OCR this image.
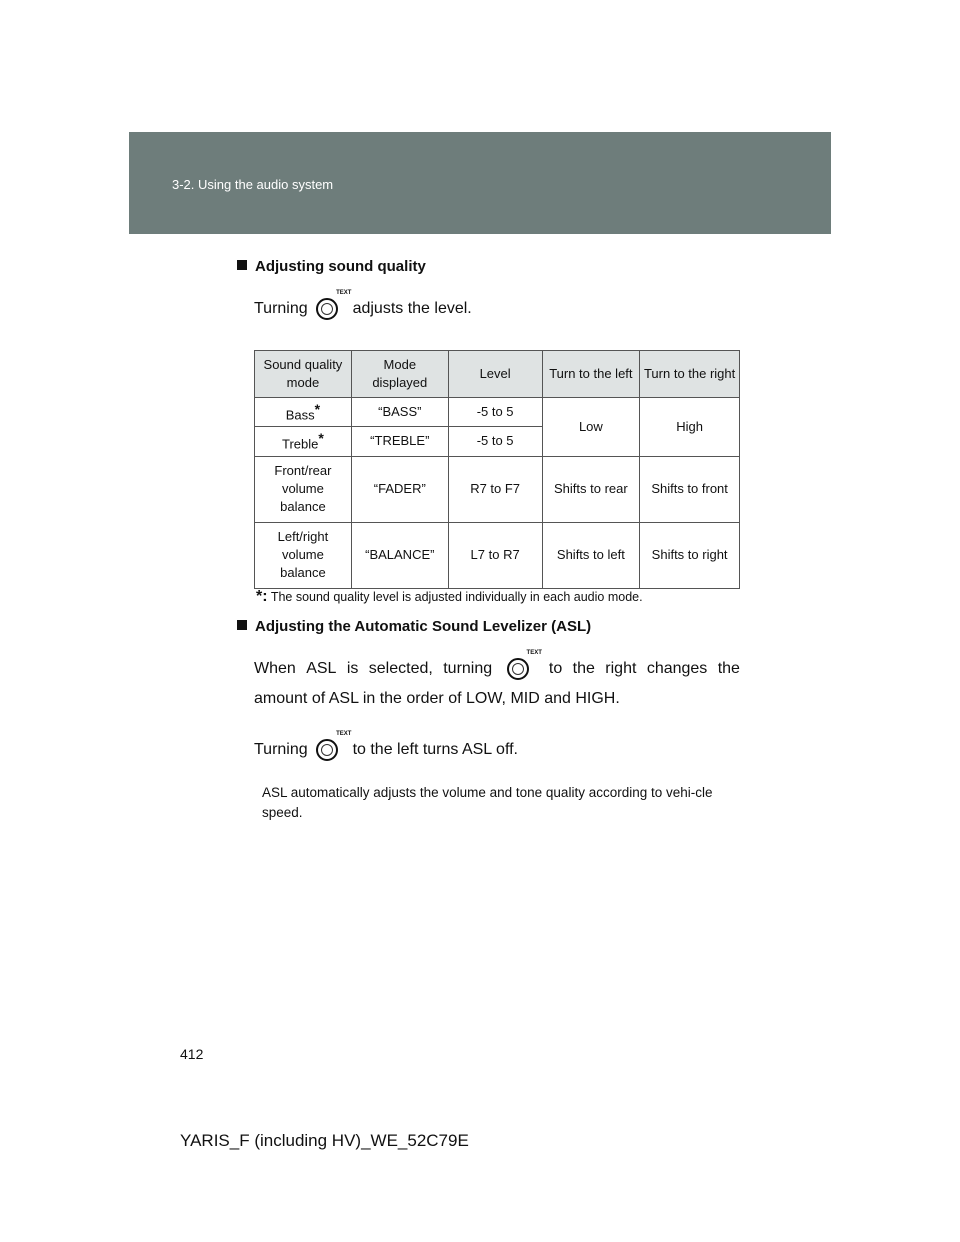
3-2. Using the audio system
Adjusting sound quality
Turning
TEXT
adjusts the level.
Sound quality mode	Mode displayed	Level	Turn to the left	Turn to the right
Bass*	“BASS”	-5 to 5	Low	High
Treble*	“TREBLE”	-5 to 5		
Front/rear volume balance	“FADER”	R7 to F7	Shifts to rear	Shifts to front
Left/right volume balance	“BALANCE”	L7 to R7	Shifts to left	Shifts to right
*: The sound quality level is adjusted individually in each audio mode.
Adjusting the Automatic Sound Levelizer (ASL)
When ASL is selected, turning
TEXT
to the right changes the
amount of ASL in the order of LOW, MID and HIGH.
Turning
TEXT
to the left turns ASL off.
ASL automatically adjusts the volume and tone quality according to vehi-cle speed.
412
YARIS_F (including HV)_WE_52C79E
